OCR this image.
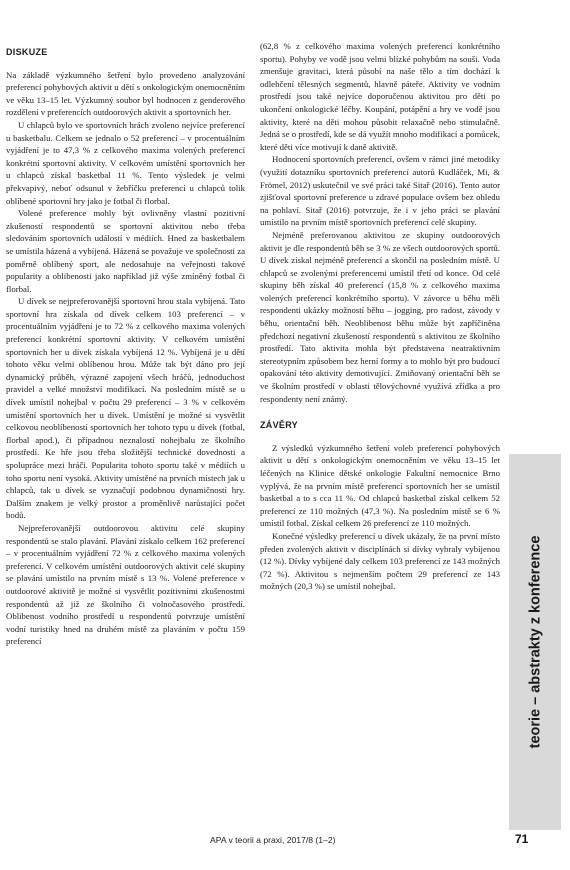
DISKUZE

Na základě výzkumného šetření bylo provedeno analyzování preferencí pohybových aktivit u dětí s onkologickým onemocněním ve věku 13–15 let. Výzkumný soubor byl hodnocen z genderového rozdělení v preferencích outdoorových aktivit a sportovních her.

U chlapců bylo ve sportovních hrách zvoleno nejvíce preferencí u basketbalu. Celkem se jednalo o 52 preferencí – v procentuálním vyjádření je to 47,3 % z celkového maxima volených preferencí konkrétní sportovní aktivity. V celkovém umístění sportovních her u chlapců získal basketbal 11 %. Tento výsledek je velmi překvapivý, neboť odsunul v žebříčku preferencí u chlapců tolik oblíbené sportovní hry jako je fotbal či florbal.

Volené preference mohly být ovlivněny vlastní pozitivní zkušeností respondentů se sportovní aktivitou nebo třeba sledováním sportovních událostí v médiích. Hned za basketbalem se umístila házená a vybíjená. Házená se považuje ve společnosti za poměrně oblíbený sport, ale nedosahuje na veřejnosti takové popularity a oblibenosti jako například již výše zmíněný fotbal či florbal.

U dívek se nejpreferovanější sportovní hrou stala vybíjená. Tato sportovní hra získala od dívek celkem 103 preferencí – v procentuálním vyjádření je to 72 % z celkového maxima volených preferencí konkrétní sportovní aktivity. V celkovém umístění sportovních her u dívek získala vybíjená 12 %. Vybíjená je u dětí tohoto věku velmi oblíbenou hrou. Může tak být dáno pro její dynamický průběh, výrazné zapojení všech hráčů, jednoduchost pravidel a velké množství modifikací. Na posledním místě se u dívek umístil nohejbal v počtu 29 preferencí – 3 % v celkovém umístění sportovních her u dívek. Umístění je možné si vysvětlit celkovou neoblíbeností sportovních her tohoto typu u dívek (fotbal, florbal apod.), či případnou neznalostí nohejbalu ze školního prostředí. Ke hře jsou třeba složitější technické dovednosti a spolupráce mezi hráči. Popularita tohoto sportu také v médiích u toho sportu není vysoká. Aktivity umístěné na prvních místech jak u chlapců, tak u dívek se vyznačují podobnou dynamičností hry. Dalším znakem je velký prostor a proměnlivě narůstající počet bodů.

Nejpreferovanější outdoorovou aktivitu celé skupiny respondentů se stalo plavání. Plavání získalo celkem 162 preferencí – v procentuálním vyjádření 72 % z celkového maxima volených preferencí. V celkovém umístění outdoorových aktivit celé skupiny se plavání umístilo na prvním místě s 13 %. Volené preference v outdoorové aktivitě je možné si vysvětlit pozitivními zkušenostmi respondentů až již ze školního či volnočasového prostředí. Oblibenost vodního prostředí u respondentů potvrzuje umístění vodní turistiky hned na druhém místě za plaváním v počtu 159 preferencí

(62,8 % z celkového maxima volených preferencí konkrétního sportu). Pohyby ve vodě jsou velmi blízké pohybům na souši. Voda zmenšuje gravitaci, která působí na naše tělo a tím dochází k odlehčení tělesných segmentů, hlavně páteře. Aktivity ve vodním prostředí jsou také nejvíce doporučenou aktivitou pro děti po ukončení onkologické léčby. Koupání, potápění a hry ve vodě jsou aktivity, které na děti mohou působit relaxačně nebo stimulačně. Jedná se o prostředí, kde se dá využít mnoho modifikací a pomůcek, které děti více motivují k daně aktivitě.

Hodnocení sportovních preferencí, ovšem v rámci jiné metodiky (využití dotazníku sportovních preferencí autorů Kudláček, Mi, & Frömel, 2012) uskutečnil ve své práci také Sitař (2016). Tento autor zjišťoval sportovní preference u zdravé populace ovšem bez ohledu na pohlaví. Sitař (2016) potvrzuje, že i v jeho práci se plavání umístilo na prvním místě sportovních preferencí celé skupiny.

Nejméně preferovanou aktivitou ze skupiny outdoorových aktivit je dle respondentů běh se 3 % ze všech outdoorových sportů. U dívek získal nejméně preferencí a skončil na posledním místě. U chlapců se zvolenými preferencemi umístil třetí od konce. Od celé skupiny běh získal 40 preferencí (15,8 % z celkového maxima volených preferencí konkrétního sportu). V závorce u běhu měli respondenti ukázky možností běhu – jogging, pro radost, závody v běhu, orientační běh. Neoblibenost běhu může být zapříčiněna předchozí negativní zkušeností respondentů s aktivitou ze školního prostředí. Tato aktivita mohla být představena neatraktivním stereotypním způsobem bez herní formy a to mohlo být pro budoucí opakování této aktivity demotivující. Zmiňovaný orientační běh se ve školním prostředí v oblasti tělovýchovné využívá zřídka a pro respondenty není známý.

ZÁVĚRY

Z výsledků výzkumného šetření voleb preferencí pohybových aktivit u dětí s onkologickým onemocněním ve věku 13–15 let léčených na Klinice dětské onkologie Fakultní nemocnice Brno vyplývá, že na prvním místě preferencí sportovních her se umístil basketbal a to s cca 11 %. Od chlapců basketbal získal celkem 52 preferencí ze 110 možných (47,3 %). Na posledním místě se 6 % umístil fotbal. Získal celkem 26 preferencí ze 110 možných.

Konečné výsledky preferencí u dívek ukázaly, že na první místo předen zvolených aktivit v disciplínách si dívky vybraly vybíjenou (12 %). Dívky vybíjené daly celkem 103 preferencí ze 143 možných (72 %). Aktivitou s nejmenším počtem 29 preferencí ze 143 možných (20,3 %) se umístil nohejbal.

teorie – abstrakty z konference
APA v teorii a praxi, 2017/8 (1–2)	71
